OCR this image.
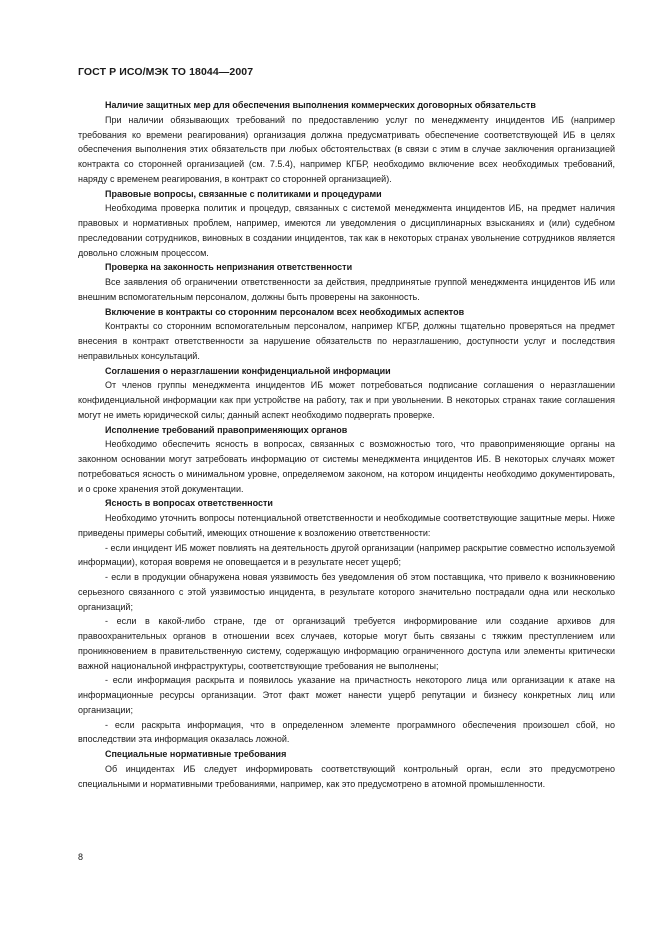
ГОСТ Р ИСО/МЭК ТО 18044—2007

Наличие защитных мер для обеспечения выполнения коммерческих договорных обязательств

При наличии обязывающих требований по предоставлению услуг по менеджменту инцидентов ИБ (например требования ко времени реагирования) организация должна предусматривать обеспечение соответствующей ИБ в целях обеспечения выполнения этих обязательств при любых обстоятельствах (в связи с этим в случае заключения организацией контракта со сторонней организацией (см. 7.5.4), например КГБР, необходимо включение всех необходимых требований, наряду с временем реагирования, в контракт со сторонней организацией).

Правовые вопросы, связанные с политиками и процедурами

Необходима проверка политик и процедур, связанных с системой менеджмента инцидентов ИБ, на предмет наличия правовых и нормативных проблем, например, имеются ли уведомления о дисциплинарных взысканиях и (или) судебном преследовании сотрудников, виновных в создании инцидентов, так как в некоторых странах увольнение сотрудников является довольно сложным процессом.

Проверка на законность непризнания ответственности

Все заявления об ограничении ответственности за действия, предпринятые группой менеджмента инцидентов ИБ или внешним вспомогательным персоналом, должны быть проверены на законность.

Включение в контракты со сторонним персоналом всех необходимых аспектов

Контракты со сторонним вспомогательным персоналом, например КГБР, должны тщательно проверяться на предмет внесения в контракт ответственности за нарушение обязательств по неразглашению, доступности услуг и последствия неправильных консультаций.

Соглашения о неразглашении конфиденциальной информации

От членов группы менеджмента инцидентов ИБ может потребоваться подписание соглашения о неразглашении конфиденциальной информации как при устройстве на работу, так и при увольнении. В некоторых странах такие соглашения могут не иметь юридической силы; данный аспект необходимо подвергать проверке.

Исполнение требований правоприменяющих органов

Необходимо обеспечить ясность в вопросах, связанных с возможностью того, что правоприменяющие органы на законном основании могут затребовать информацию от системы менеджмента инцидентов ИБ. В некоторых случаях может потребоваться ясность о минимальном уровне, определяемом законом, на котором инциденты необходимо документировать, и о сроке хранения этой документации.

Ясность в вопросах ответственности

Необходимо уточнить вопросы потенциальной ответственности и необходимые соответствующие защитные меры. Ниже приведены примеры событий, имеющих отношение к возложению ответственности:

- если инцидент ИБ может повлиять на деятельность другой организации (например раскрытие совместно используемой информации), которая вовремя не оповещается и в результате несет ущерб;

- если в продукции обнаружена новая уязвимость без уведомления об этом поставщика, что привело к возникновению серьезного связанного с этой уязвимостью инцидента, в результате которого значительно пострадали одна или несколько организаций;

- если в какой-либо стране, где от организаций требуется информирование или создание архивов для правоохранительных органов в отношении всех случаев, которые могут быть связаны с тяжким преступлением или проникновением в правительственную систему, содержащую информацию ограниченного доступа или элементы критически важной национальной инфраструктуры, соответствующие требования не выполнены;

- если информация раскрыта и появилось указание на причастность некоторого лица или организации к атаке на информационные ресурсы организации. Этот факт может нанести ущерб репутации и бизнесу конкретных лиц или организации;

- если раскрыта информация, что в определенном элементе программного обеспечения произошел сбой, но впоследствии эта информация оказалась ложной.

Специальные нормативные требования

Об инцидентах ИБ следует информировать соответствующий контрольный орган, если это предусмотрено специальными и нормативными требованиями, например, как это предусмотрено в атомной промышленности.

8
